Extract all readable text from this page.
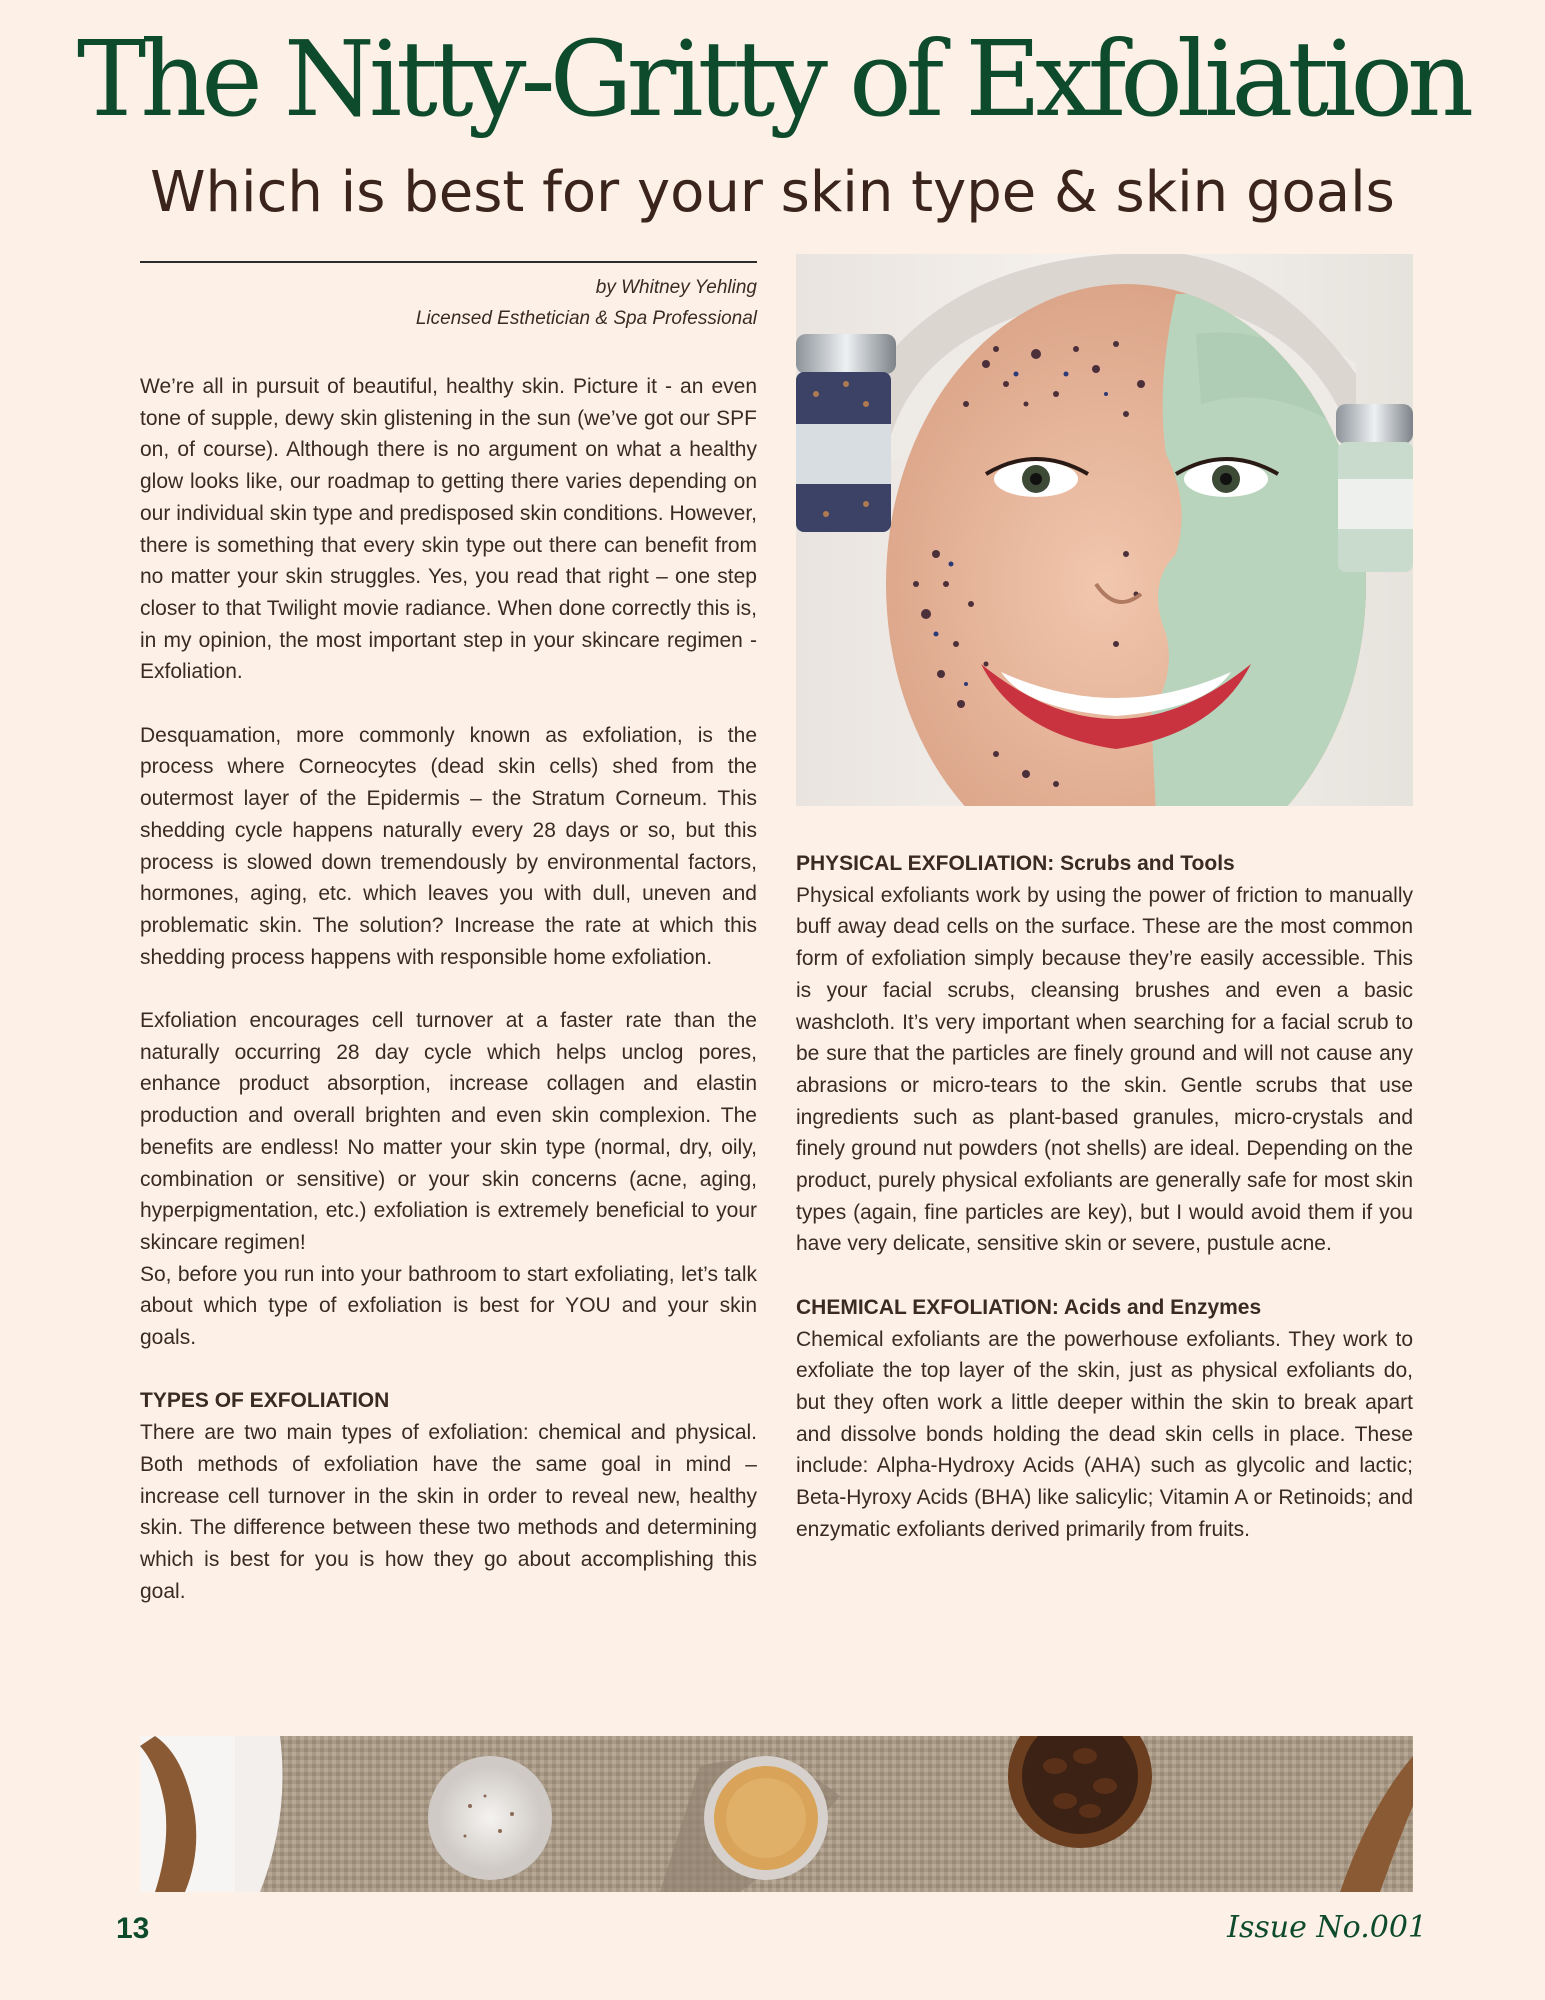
The Nitty-Gritty of Exfoliation
Which is best for your skin type & skin goals
by Whitney Yehling
Licensed Esthetician & Spa Professional

We’re all in pursuit of beautiful, healthy skin. Picture it - an even tone of supple, dewy skin glistening in the sun (we’ve got our SPF on, of course). Although there is no argument on what a healthy glow looks like, our roadmap to getting there varies depending on our individual skin type and predisposed skin conditions. However, there is something that every skin type out there can benefit from no matter your skin struggles. Yes, you read that right – one step closer to that Twilight movie radiance. When done correctly this is, in my opinion, the most important step in your skincare regimen - Exfoliation.

Desquamation, more commonly known as exfoliation, is the process where Corneocytes (dead skin cells) shed from the outermost layer of the Epidermis – the Stratum Corneum. This shedding cycle happens naturally every 28 days or so, but this process is slowed down tremendously by environmental factors, hormones, aging, etc. which leaves you with dull, uneven and problematic skin. The solution? Increase the rate at which this shedding process happens with responsible home exfoliation.

Exfoliation encourages cell turnover at a faster rate than the naturally occurring 28 day cycle which helps unclog pores, enhance product absorption, increase collagen and elastin production and overall brighten and even skin complexion. The benefits are endless! No matter your skin type (normal, dry, oily, combination or sensitive) or your skin concerns (acne, aging, hyperpigmentation, etc.) exfoliation is extremely beneficial to your skincare regimen!

So, before you run into your bathroom to start exfoliating, let’s talk about which type of exfoliation is best for YOU and your skin goals.

TYPES OF EXFOLIATION

There are two main types of exfoliation: chemical and physical. Both methods of exfoliation have the same goal in mind – increase cell turnover in the skin in order to reveal new, healthy skin. The difference between these two methods and determining which is best for you is how they go about accomplishing this goal.

PHYSICAL EXFOLIATION: Scrubs and Tools

Physical exfoliants work by using the power of friction to manually buff away dead cells on the surface. These are the most common form of exfoliation simply because they’re easily accessible. This is your facial scrubs, cleansing brushes and even a basic washcloth. It’s very important when searching for a facial scrub to be sure that the particles are finely ground and will not cause any abrasions or micro-tears to the skin. Gentle scrubs that use ingredients such as plant-based granules, micro-crystals and finely ground nut powders (not shells) are ideal. Depending on the product, purely physical exfoliants are generally safe for most skin types (again, fine particles are key), but I would avoid them if you have very delicate, sensitive skin or severe, pustule acne.

CHEMICAL EXFOLIATION: Acids and Enzymes

Chemical exfoliants are the powerhouse exfoliants. They work to exfoliate the top layer of the skin, just as physical exfoliants do, but they often work a little deeper within the skin to break apart and dissolve bonds holding the dead skin cells in place. These include: Alpha-Hydroxy Acids (AHA) such as glycolic and lactic; Beta-Hyroxy Acids (BHA) like salicylic; Vitamin A or Retinoids; and enzymatic exfoliants derived primarily from fruits.

13	Issue No.001
